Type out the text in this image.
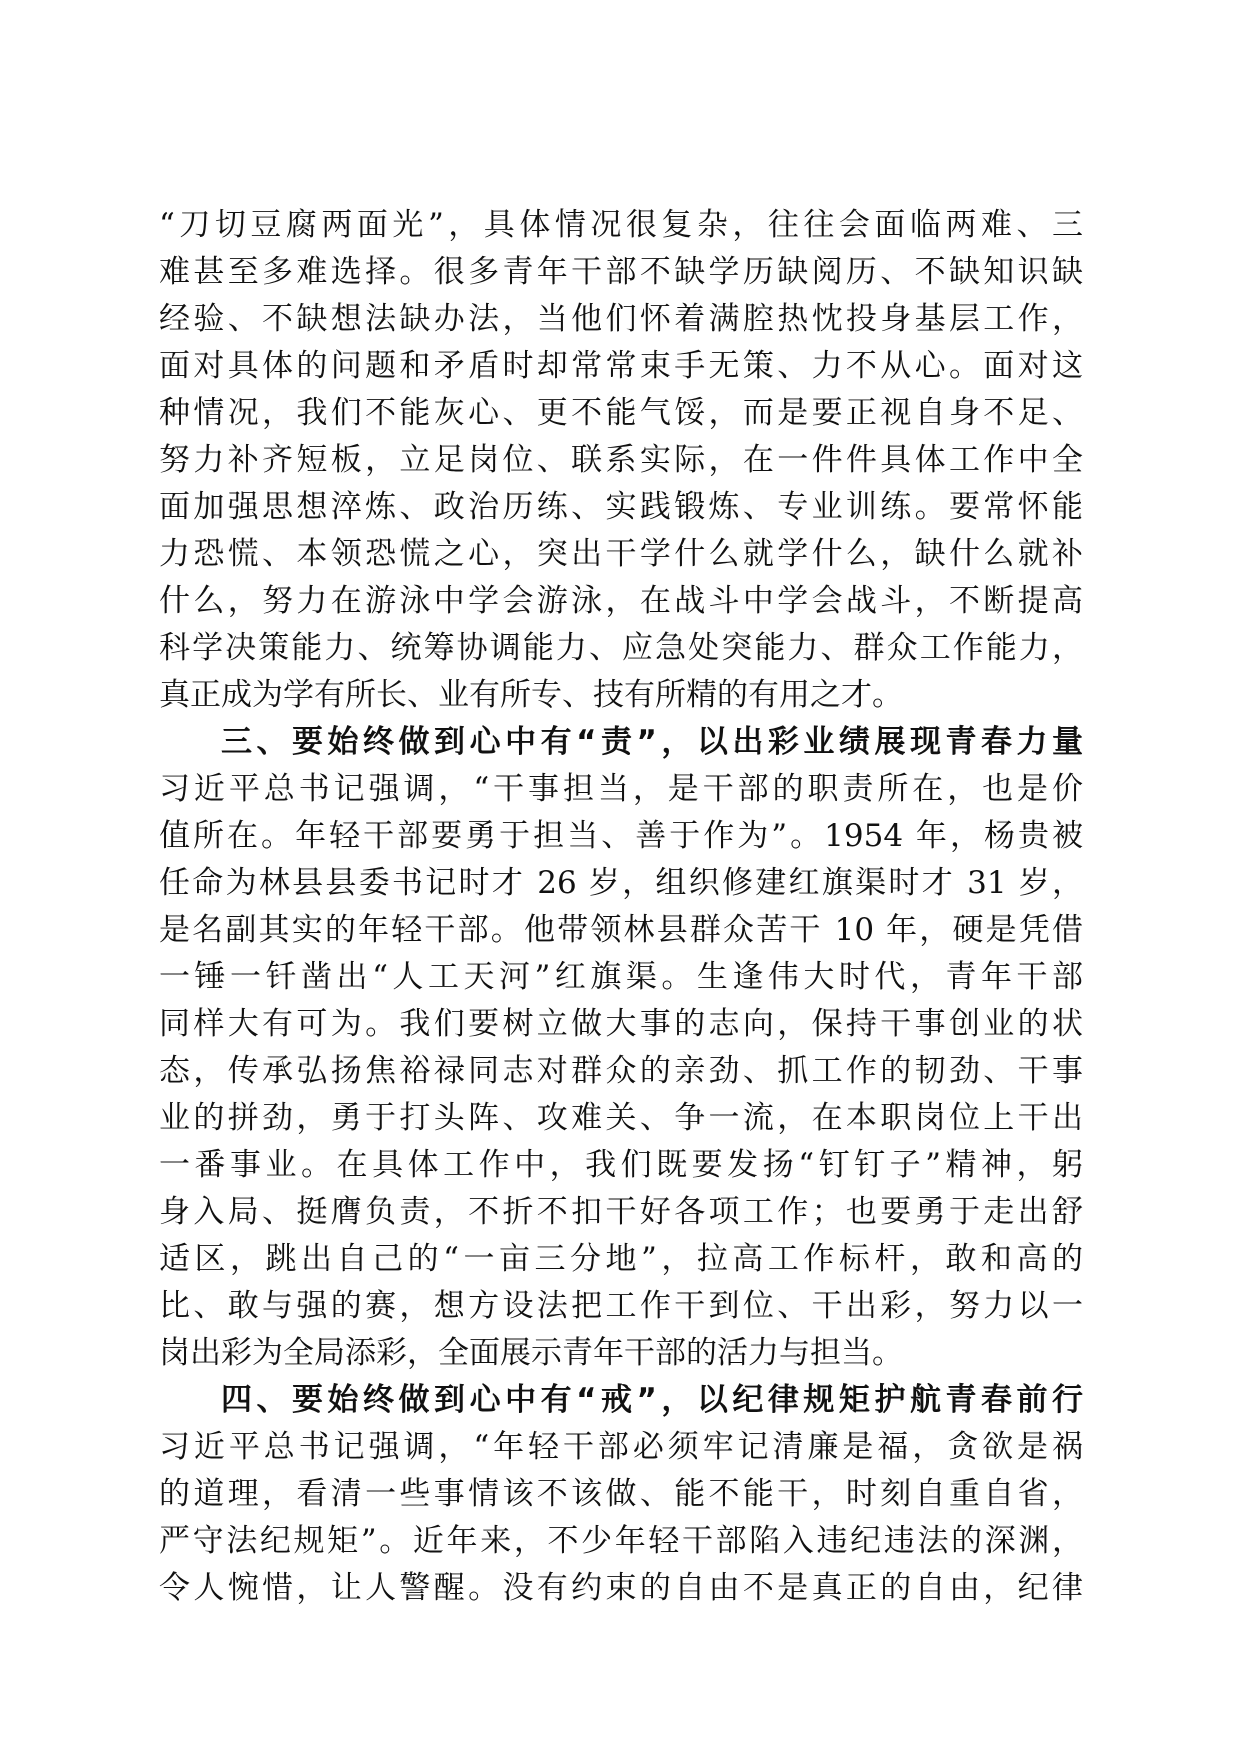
“刀切豆腐两面光”，具体情况很复杂，往往会面临两难、三
难甚至多难选择。很多青年干部不缺学历缺阅历、不缺知识缺
经验、不缺想法缺办法，当他们怀着满腔热忱投身基层工作，
面对具体的问题和矛盾时却常常束手无策、力不从心。面对这
种情况，我们不能灰心、更不能气馁，而是要正视自身不足、
努力补齐短板，立足岗位、联系实际，在一件件具体工作中全
面加强思想淬炼、政治历练、实践锻炼、专业训练。要常怀能
力恐慌、本领恐慌之心，突出干学什么就学什么，缺什么就补
什么，努力在游泳中学会游泳，在战斗中学会战斗，不断提高
科学决策能力、统筹协调能力、应急处突能力、群众工作能力，
真正成为学有所长、业有所专、技有所精的有用之才。
三、要始终做到心中有“责”，以出彩业绩展现青春力量
习近平总书记强调，“干事担当，是干部的职责所在，也是价
值所在。年轻干部要勇于担当、善于作为”。1954 年，杨贵被
任命为林县县委书记时才 26 岁，组织修建红旗渠时才 31 岁，
是名副其实的年轻干部。他带领林县群众苦干 10 年，硬是凭借
一锤一钎凿出“人工天河”红旗渠。生逢伟大时代，青年干部
同样大有可为。我们要树立做大事的志向，保持干事创业的状
态，传承弘扬焦裕禄同志对群众的亲劲、抓工作的韧劲、干事
业的拼劲，勇于打头阵、攻难关、争一流，在本职岗位上干出
一番事业。在具体工作中，我们既要发扬“钉钉子”精神，躬
身入局、挺膺负责，不折不扣干好各项工作；也要勇于走出舒
适区，跳出自己的“一亩三分地”，拉高工作标杆，敢和高的
比、敢与强的赛，想方设法把工作干到位、干出彩，努力以一
岗出彩为全局添彩，全面展示青年干部的活力与担当。
四、要始终做到心中有“戒”，以纪律规矩护航青春前行
习近平总书记强调，“年轻干部必须牢记清廉是福，贪欲是祸
的道理，看清一些事情该不该做、能不能干，时刻自重自省，
严守法纪规矩”。近年来，不少年轻干部陷入违纪违法的深渊，
令人惋惜，让人警醒。没有约束的自由不是真正的自由，纪律
